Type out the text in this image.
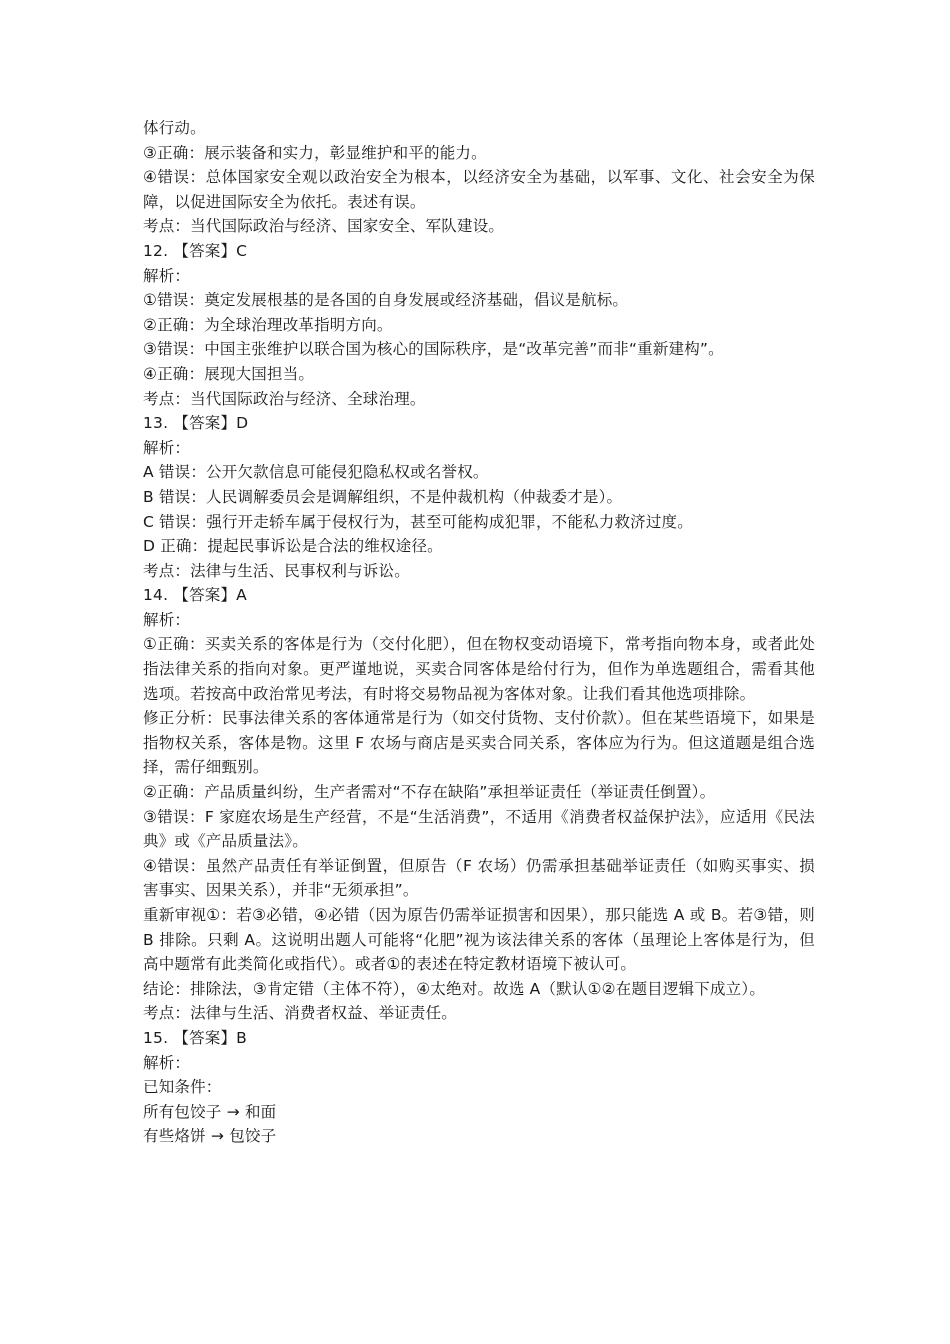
体行动。

③正确：展示装备和实力，彰显维护和平的能力。

④错误：总体国家安全观以政治安全为根本，以经济安全为基础，以军事、文化、社会安全为保障，以促进国际安全为依托。表述有误。

考点：当代国际政治与经济、国家安全、军队建设。

12. 【答案】C

解析：

①错误：奠定发展根基的是各国的自身发展或经济基础，倡议是航标。

②正确：为全球治理改革指明方向。

③错误：中国主张维护以联合国为核心的国际秩序，是“改革完善”而非“重新建构”。

④正确：展现大国担当。

考点：当代国际政治与经济、全球治理。

13. 【答案】D

解析：

A 错误：公开欠款信息可能侵犯隐私权或名誉权。

B 错误：人民调解委员会是调解组织，不是仲裁机构（仲裁委才是）。

C 错误：强行开走轿车属于侵权行为，甚至可能构成犯罪，不能私力救济过度。

D 正确：提起民事诉讼是合法的维权途径。

考点：法律与生活、民事权利与诉讼。

14. 【答案】A

解析：

①正确：买卖关系的客体是行为（交付化肥），但在物权变动语境下，常考指向物本身，或者此处指法律关系的指向对象。更严谨地说，买卖合同客体是给付行为，但作为单选题组合，需看其他选项。若按高中政治常见考法，有时将交易物品视为客体对象。让我们看其他选项排除。

修正分析：民事法律关系的客体通常是行为（如交付货物、支付价款）。但在某些语境下，如果是指物权关系，客体是物。这里 F 农场与商店是买卖合同关系，客体应为行为。但这道题是组合选择，需仔细甄别。

②正确：产品质量纠纷，生产者需对“不存在缺陷”承担举证责任（举证责任倒置）。

③错误：F 家庭农场是生产经营，不是“生活消费”，不适用《消费者权益保护法》，应适用《民法典》或《产品质量法》。

④错误：虽然产品责任有举证倒置，但原告（F 农场）仍需承担基础举证责任（如购买事实、损害事实、因果关系），并非“无须承担”。

重新审视①：若③必错，④必错（因为原告仍需举证损害和因果），那只能选 A 或 B。若③错，则 B 排除。只剩 A。这说明出题人可能将“化肥”视为该法律关系的客体（虽理论上客体是行为，但高中题常有此类简化或指代）。或者①的表述在特定教材语境下被认可。

结论：排除法，③肯定错（主体不符），④太绝对。故选 A（默认①②在题目逻辑下成立）。

考点：法律与生活、消费者权益、举证责任。

15. 【答案】B

解析：

已知条件：

所有包饺子 → 和面

有些烙饼 → 包饺子
